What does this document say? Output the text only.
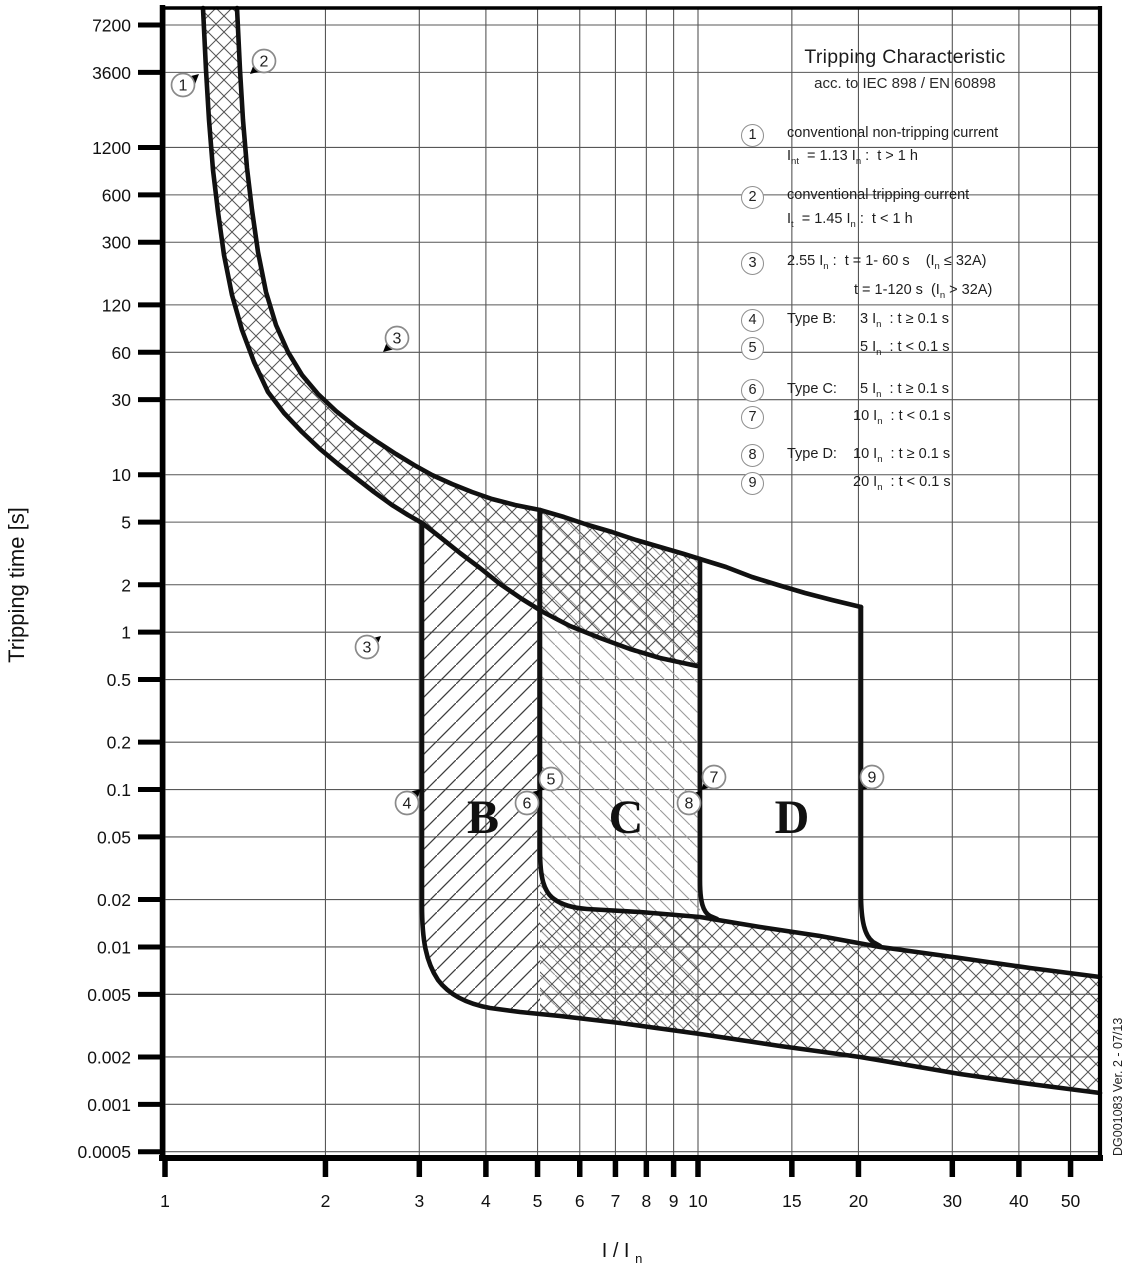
7200
3600
1200
600
300
120
60
30
10
5
2
1
0.5
0.2
0.1
0.05
0.02
0.01
0.005
0.002
0.001
0.0005
1	2	3	4 5 6 7 8 9 10	15	20	30	40 50
B C	D
1
2
3
3
4
5
6
7
8
9
Tripping time [s]
I / I $_n$
DG001083 Ver. 2 - 07/13
Tripping Characteristic
acc. to IEC 898 / EN 60898
1	conventional non-tripping current
$I_{nt} = 1.13$ $I_n$ :  t > 1 h
2	conventional tripping current
$I_t = 1.45$ $I_n$ :  t < 1 h
3	2.55 $I_n$ :  t = 1- 60 s    $(I_n \le 32A)$
t = 1-120 s  $(I_n > 32A)$
4	Type B: 3 $I_n$  : t ≥ 0.1 s
5	5 $I_n$  : t < 0.1 s
6	Type C: 5 $I_n$  : t ≥ 0.1 s
7	10 $I_n$  : t < 0.1 s
8	Type D: 10 $I_n$  : t ≥ 0.1 s
9	20 $I_n$  : t < 0.1 s
